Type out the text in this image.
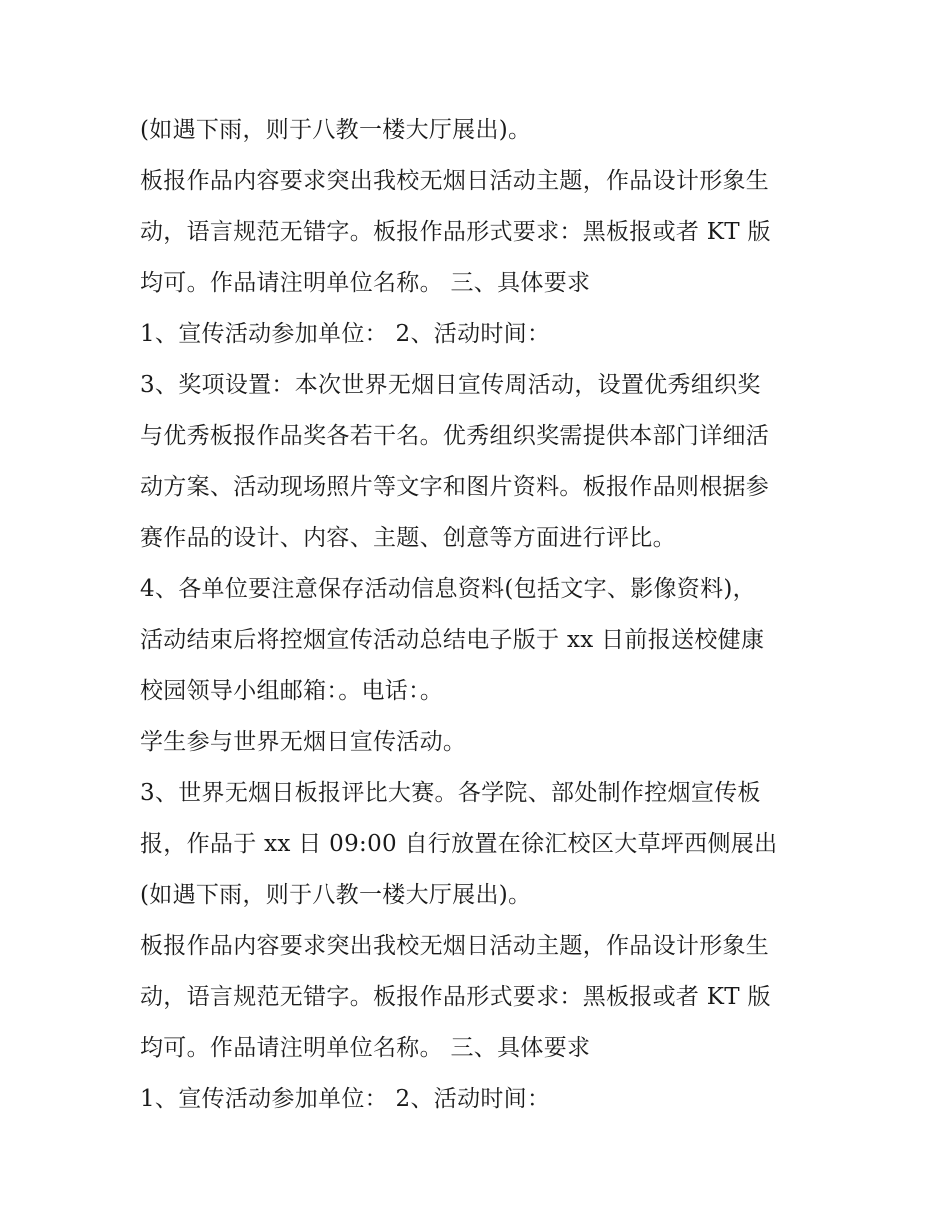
(如遇下雨，则于八教一楼大厅展出)。
板报作品内容要求突出我校无烟日活动主题，作品设计形象生
动，语言规范无错字。板报作品形式要求：黑板报或者 KT 版
均可。作品请注明单位名称。 三、具体要求
1、宣传活动参加单位： 2、活动时间：
3、奖项设置：本次世界无烟日宣传周活动，设置优秀组织奖
与优秀板报作品奖各若干名。优秀组织奖需提供本部门详细活
动方案、活动现场照片等文字和图片资料。板报作品则根据参
赛作品的设计、内容、主题、创意等方面进行评比。
4、各单位要注意保存活动信息资料(包括文字、影像资料)，
活动结束后将控烟宣传活动总结电子版于 xx 日前报送校健康
校园领导小组邮箱：。电话：。
学生参与世界无烟日宣传活动。
3、世界无烟日板报评比大赛。各学院、部处制作控烟宣传板
报，作品于 xx 日 09:00 自行放置在徐汇校区大草坪西侧展出
(如遇下雨，则于八教一楼大厅展出)。
板报作品内容要求突出我校无烟日活动主题，作品设计形象生
动，语言规范无错字。板报作品形式要求：黑板报或者 KT 版
均可。作品请注明单位名称。 三、具体要求
1、宣传活动参加单位： 2、活动时间：
